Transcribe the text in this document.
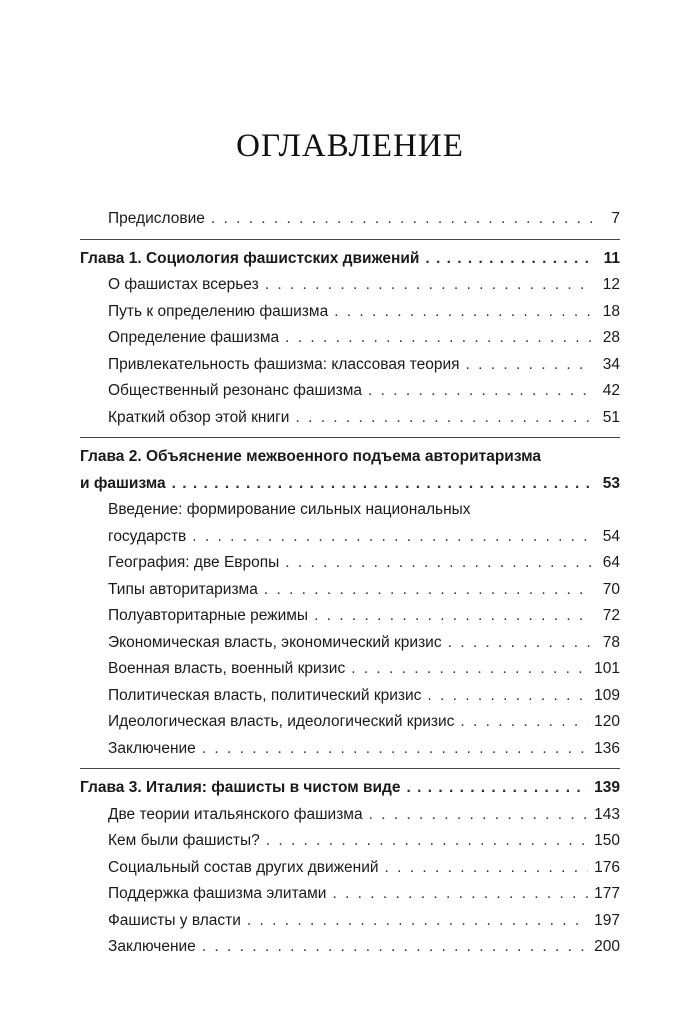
ОГЛАВЛЕНИЕ
Предисловие . . .	7
Глава 1. Социология фашистских движений . . .	11
О фашистах всерьез . . .	12
Путь к определению фашизма . . .	18
Определение фашизма . . .	28
Привлекательность фашизма: классовая теория . . .	34
Общественный резонанс фашизма . . .	42
Краткий обзор этой книги . . .	51
Глава 2. Объяснение межвоенного подъема авторитаризма
и фашизма . . .	53
Введение: формирование сильных национальных
государств . . .	54
География: две Европы . . .	64
Типы авторитаризма . . .	70
Полуавторитарные режимы . . .	72
Экономическая власть, экономический кризис . . .	78
Военная власть, военный кризис . . .	101
Политическая власть, политический кризис . . .	109
Идеологическая власть, идеологический кризис . . .	120
Заключение . . .	136
Глава 3. Италия: фашисты в чистом виде . . .	139
Две теории итальянского фашизма . . .	143
Кем были фашисты? . . .	150
Социальный состав других движений . . .	176
Поддержка фашизма элитами . . .	177
Фашисты у власти . . .	197
Заключение . . .	200
